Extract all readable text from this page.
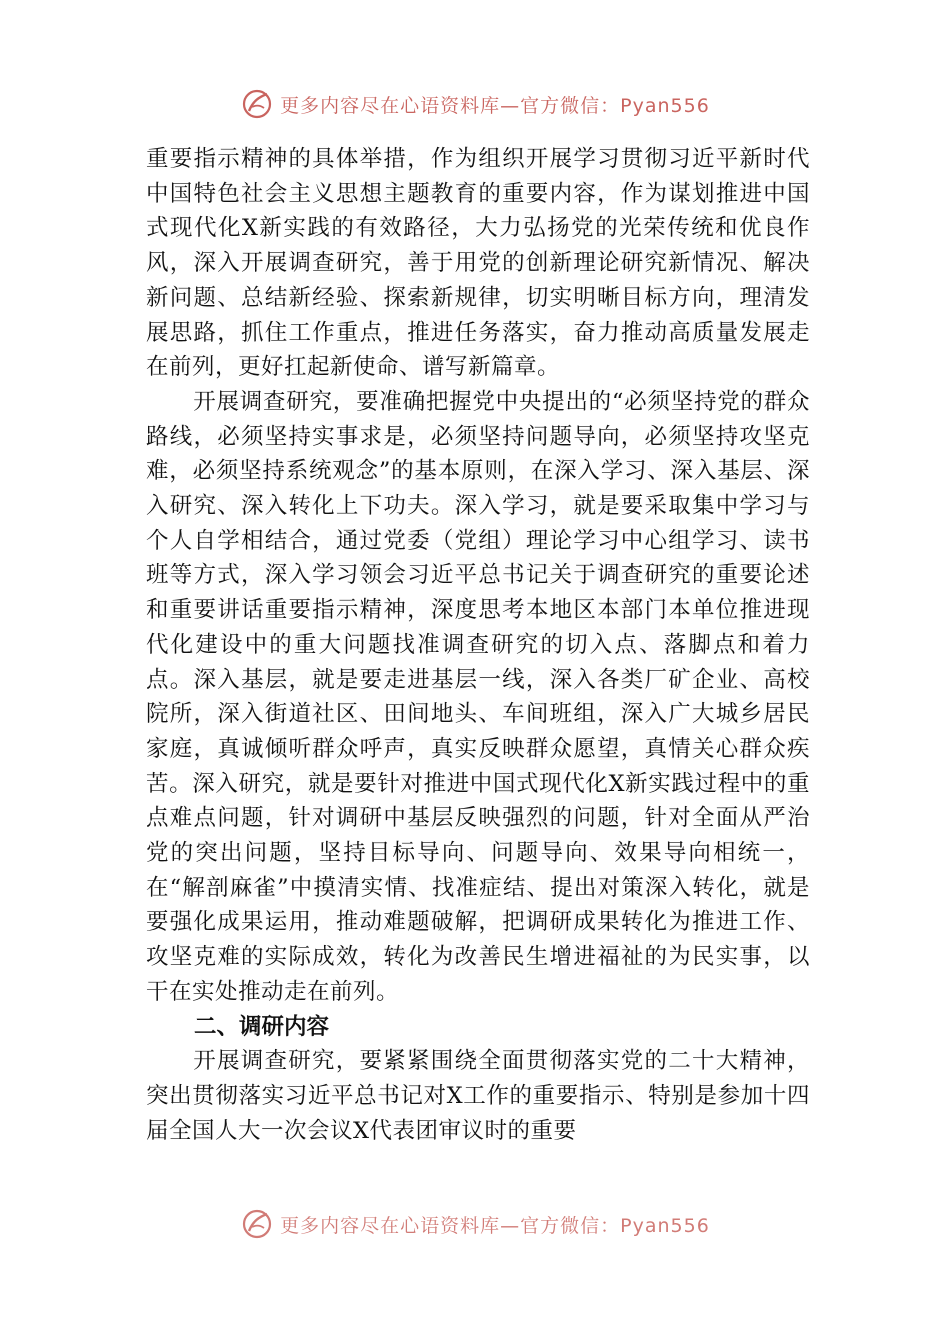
更多内容尽在心语资料库—官方微信：Pyan556

重要指示精神的具体举措，作为组织开展学习贯彻习近平新时代中国特色社会主义思想主题教育的重要内容，作为谋划推进中国式现代化X新实践的有效路径，大力弘扬党的光荣传统和优良作风，深入开展调查研究，善于用党的创新理论研究新情况、解决新问题、总结新经验、探索新规律，切实明晰目标方向，理清发展思路，抓住工作重点，推进任务落实，奋力推动高质量发展走在前列，更好扛起新使命、谱写新篇章。

开展调查研究，要准确把握党中央提出的“必须坚持党的群众路线，必须坚持实事求是，必须坚持问题导向，必须坚持攻坚克难，必须坚持系统观念”的基本原则，在深入学习、深入基层、深入研究、深入转化上下功夫。深入学习，就是要采取集中学习与个人自学相结合，通过党委（党组）理论学习中心组学习、读书班等方式，深入学习领会习近平总书记关于调查研究的重要论述和重要讲话重要指示精神，深度思考本地区本部门本单位推进现代化建设中的重大问题找准调查研究的切入点、落脚点和着力点。深入基层，就是要走进基层一线，深入各类厂矿企业、高校院所，深入街道社区、田间地头、车间班组，深入广大城乡居民家庭，真诚倾听群众呼声，真实反映群众愿望，真情关心群众疾苦。深入研究，就是要针对推进中国式现代化X新实践过程中的重点难点问题，针对调研中基层反映强烈的问题，针对全面从严治党的突出问题，坚持目标导向、问题导向、效果导向相统一，在“解剖麻雀”中摸清实情、找准症结、提出对策深入转化，就是要强化成果运用，推动难题破解，把调研成果转化为推进工作、攻坚克难的实际成效，转化为改善民生增进福祉的为民实事，以干在实处推动走在前列。

二、调研内容

开展调查研究，要紧紧围绕全面贯彻落实党的二十大精神，突出贯彻落实习近平总书记对X工作的重要指示、特别是参加十四届全国人大一次会议X代表团审议时的重要

更多内容尽在心语资料库—官方微信：Pyan556
